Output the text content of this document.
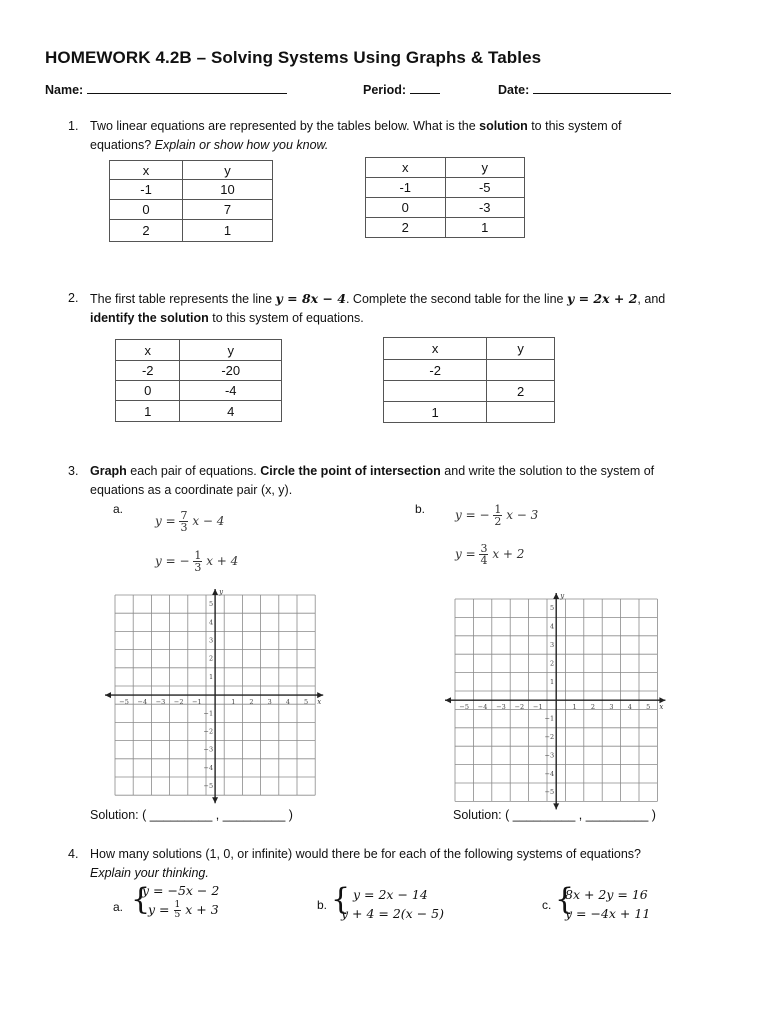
HOMEWORK 4.2B – Solving Systems Using Graphs & Tables
Name:	Period:	Date:
1. Two linear equations are represented by the tables below. What is the solution to this system of
equations? Explain or show how you know.
x	y
-1	10
0	7
2	1
x	y
-1	-5
0	-3
2	1
2. The first table represents the line y = 8x − 4. Complete the second table for the line y = 2x + 2, and
identify the solution to this system of equations.
x	y
-2	-20
0	-4
1	4
x	y
-2	
	2
1	
3. Graph each pair of equations. Circle the point of intersection and write the solution to the system of
equations as a coordinate pair (x, y).
a.
$y = \frac{7}{3}$ x − 4
y = − $\frac{1}{3}$ x + 4
b. y = − $\frac{1}{2}$ x − 3
$y = \frac{3}{4}$ x + 2
x
y
−5 −4 −3 −2 −1	1 2 3 4 5
5
4
3
2
1
−1
−2
−3
−4
−5
x
y
−5 −4 −3 −2 −1	1 2 3 4 5
5
4
3
2
1
−1
−2
−3
−4
−5
Solution: ( _________ , _________ )	Solution: ( _________ , _________ )
4. How many solutions (1, 0, or infinite) would there be for each of the following systems of equations?
Explain your thinking.
a. {
y = −5x − 2
$y = \frac{1}{5}$ x + 3	b. { y = 2x − 14
y + 4 = 2(x − 5)
c. {
8x + 2y = 16
y = −4x + 11
